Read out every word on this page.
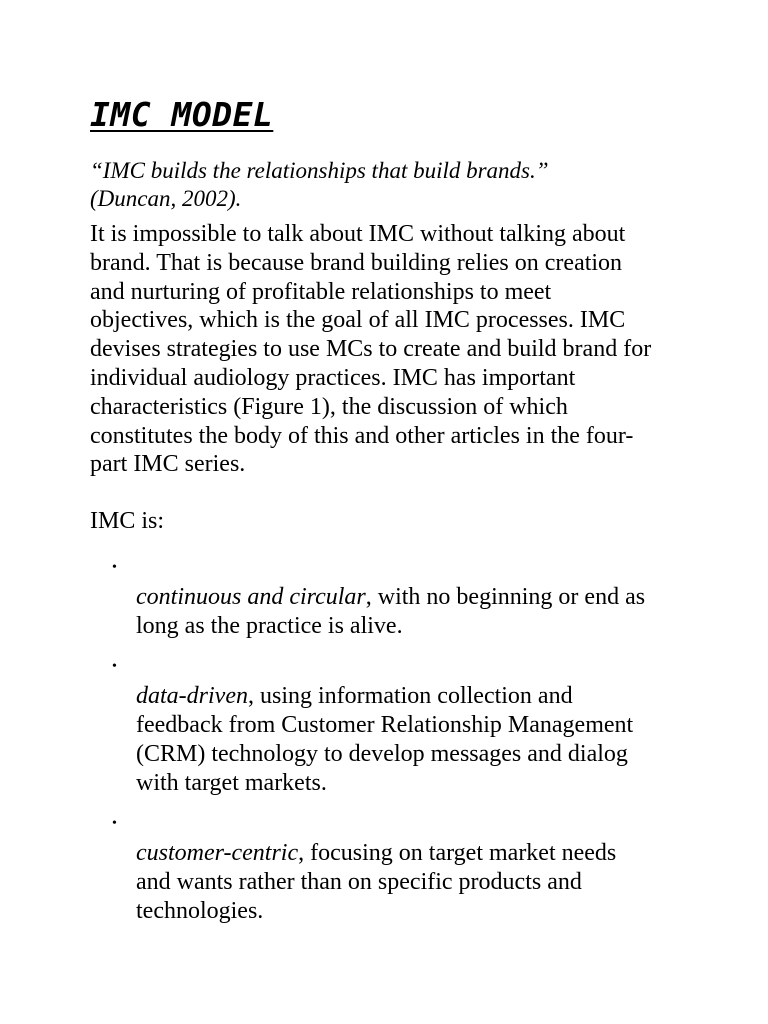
IMC MODEL

“IMC builds the relationships that build brands.”
(Duncan, 2002).

It is impossible to talk about IMC without talking about
brand. That is because brand building relies on creation
and nurturing of profitable relationships to meet
objectives, which is the goal of all IMC processes. IMC
devises strategies to use MCs to create and build brand for
individual audiology practices. IMC has important
characteristics (Figure 1), the discussion of which
constitutes the body of this and other articles in the four-
part IMC series.

IMC is:

•
continuous and circular, with no beginning or end as
long as the practice is alive.

•
data-driven, using information collection and
feedback from Customer Relationship Management
(CRM) technology to develop messages and dialog
with target markets.

•
customer-centric, focusing on target market needs
and wants rather than on specific products and
technologies.
